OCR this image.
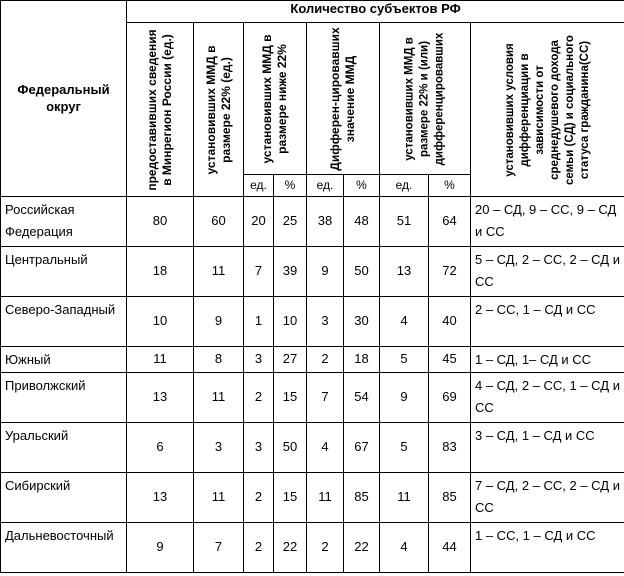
Федеральный округ	Количество субъектов РФ								

	предоставивших сведения в Минрегион России (ед.)	установивших ММД в размере 22% (ед.)	установивших ММД в размере ниже 22%		Дифферен-цировавших значение ММД		установивших ММД в размере 22% и (или) дифференцировавших		установивших условия дифференциации в зависимости от среднедушевого дохода семьи (СД) и социального статуса гражданина(СС)

			ед.	%	ед.	%	ед.	%	
Российская Федерация	80	60	20	25	38	48	51	64	20 – СД, 9 – СС, 9 – СД и СС
Центральный	18	11	7	39	9	50	13	72	5 – СД, 2 – СС, 2 – СД и СС
Северо-Западный	10	9	1	10	3	30	4	40	2 – СС, 1 – СД и СС
Южный	11	8	3	27	2	18	5	45	1 – СД, 1– СД и СС
Приволжский	13	11	2	15	7	54	9	69	4 – СД, 2 – СС, 1 – СД и СС
Уральский	6	3	3	50	4	67	5	83	3 – СД, 1 – СД и СС
Сибирский	13	11	2	15	11	85	11	85	7 – СД, 2 – СС, 2 – СД и СС
Дальневосточный	9	7	2	22	2	22	4	44	1 – СС, 1 – СД и СС
